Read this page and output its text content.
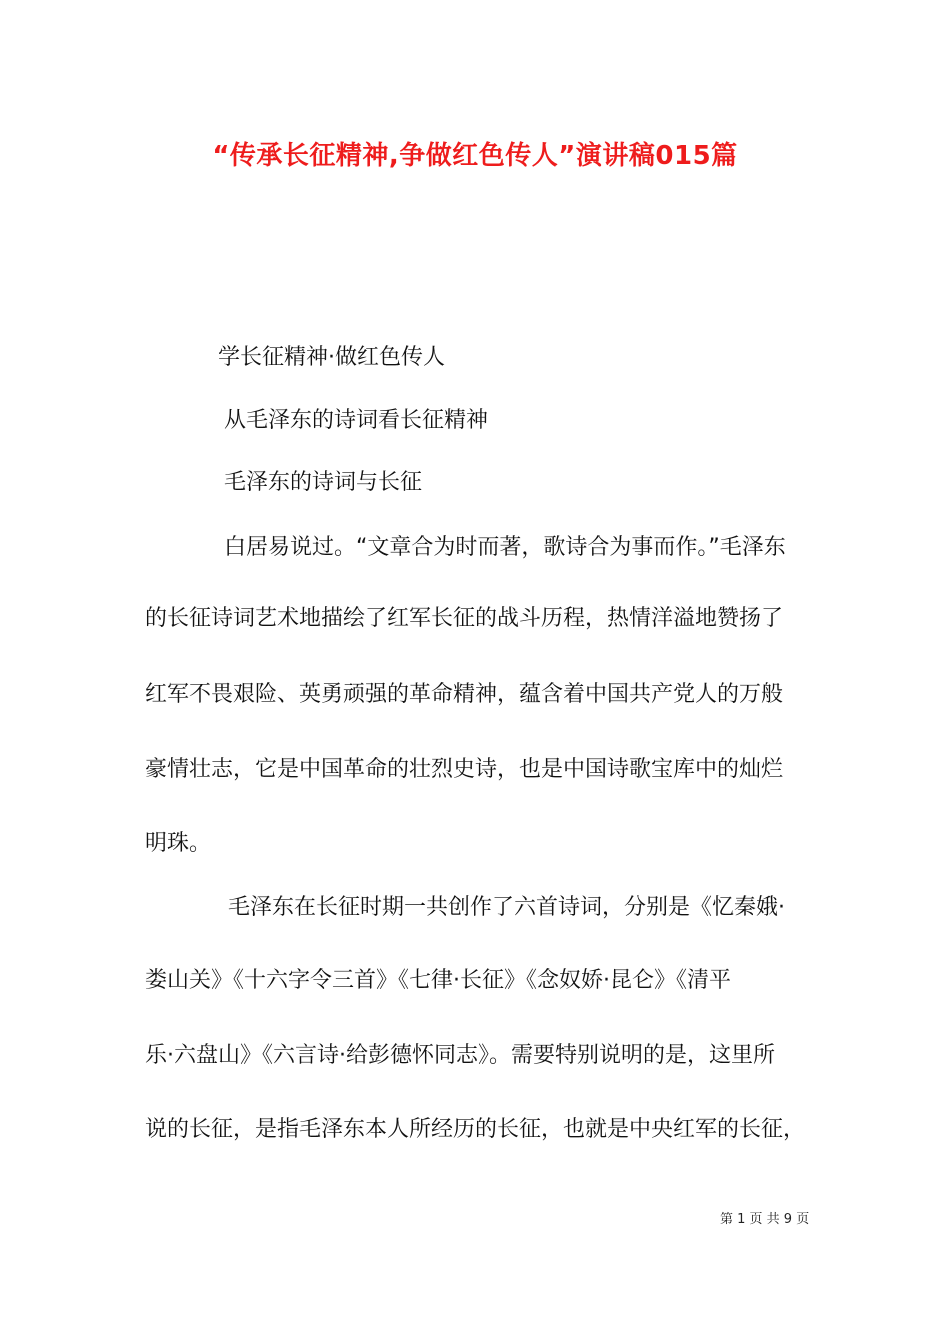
“传承长征精神,争做红色传人”演讲稿015篇
学长征精神·做红色传人
从毛泽东的诗词看长征精神
毛泽东的诗词与长征
白居易说过。“文章合为时而著，歌诗合为事而作。”毛泽东
的长征诗词艺术地描绘了红军长征的战斗历程，热情洋溢地赞扬了
红军不畏艰险、英勇顽强的革命精神，蕴含着中国共产党人的万般
豪情壮志，它是中国革命的壮烈史诗，也是中国诗歌宝库中的灿烂
明珠。
毛泽东在长征时期一共创作了六首诗词，分别是《忆秦娥·
娄山关》《十六字令三首》《七律·长征》《念奴娇·昆仑》《清平
乐·六盘山》《六言诗·给彭德怀同志》。需要特别说明的是，这里所
说的长征，是指毛泽东本人所经历的长征，也就是中央红军的长征，
第 1 页 共 9 页
